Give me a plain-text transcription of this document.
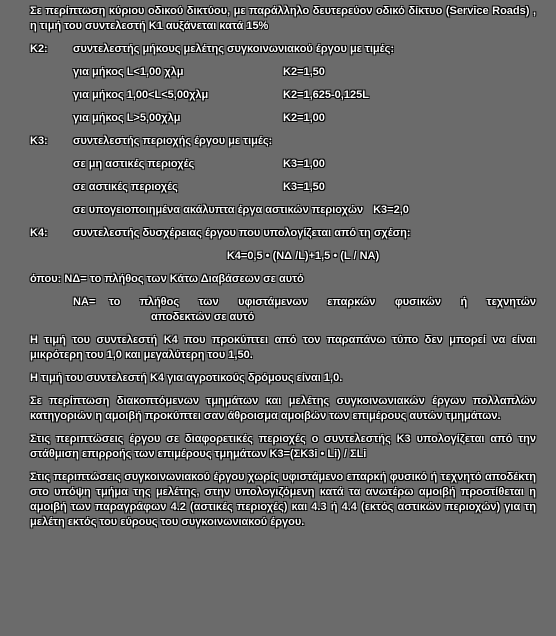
Σε περίπτωση κύριου οδικού δικτύου, με παράλληλο δευτερεύον οδικό δίκτυο (Service Roads) , η τιμή του συντελεστή Κ1 αυξάνεται κατά 15%

Κ2:	συντελεστής μήκους μελέτης συγκοινωνιακού έργου με τιμές:
για μήκος L<1,00 χλμ	K2=1,50
για μήκος 1,00<L<5,00χλμ	K2=1,625-0,125L
για μήκος L>5,00χλμ	K2=1,00
Κ3:	συντελεστής περιοχής έργου με τιμές:
σε μη αστικές περιοχές	K3=1,00
σε αστικές περιοχές	K3=1,50
σε υπογειοποιημένα ακάλυπτα έργα αστικών περιοχών K3=2,0
Κ4:	συντελεστής δυσχέρειας έργου που υπολογίζεται από τη σχέση:
K4=0,5 • (ΝΔ /L)+1,5 • (L / NA)
όπου: ΝΔ= το πλήθος των Κάτω Διαβάσεων σε αυτό
ΝΑ=	το πλήθος των υφιστάμενων επαρκών φυσικών ή τεχνητών
αποδεκτών σε αυτό

Η τιμή του συντελεστή Κ4 που προκύπτει από τον παραπάνω τύπο δεν μπορεί να είναι μικρότερη του 1,0 και μεγαλύτερη του 1,50.

Η τιμή του συντελεστή Κ4 για αγροτικούς δρόμους είναι 1,0.

Σε περίπτωση διακοπτόμενων τμημάτων και μελέτης συγκοινωνιακών έργων πολλαπλών κατηγοριών η αμοιβή προκύπτει σαν άθροισμα αμοιβών των επιμέρους αυτών τμημάτων.

Στις περιπτώσεις έργου σε διαφορετικές περιοχές ο συντελεστής Κ3 υπολογίζεται από την στάθμιση επιρροής των επιμέρους τμημάτων Κ3=(ΣΚ3i • Li) / ΣLi

Στις περιπτώσεις συγκοινωνιακού έργου χωρίς υφιστάμενο επαρκή φυσικό ή τεχνητό αποδέκτη στο υπόψη τμήμα της μελέτης, στην υπολογιζόμενη κατά τα ανωτέρω αμοιβή προστίθεται η αμοιβή των παραγράφων 4.2 (αστικές περιοχές) και 4.3 ή 4.4 (εκτός αστικών περιοχών) για τη μελέτη εκτός του εύρους του συγκοινωνιακού έργου.
